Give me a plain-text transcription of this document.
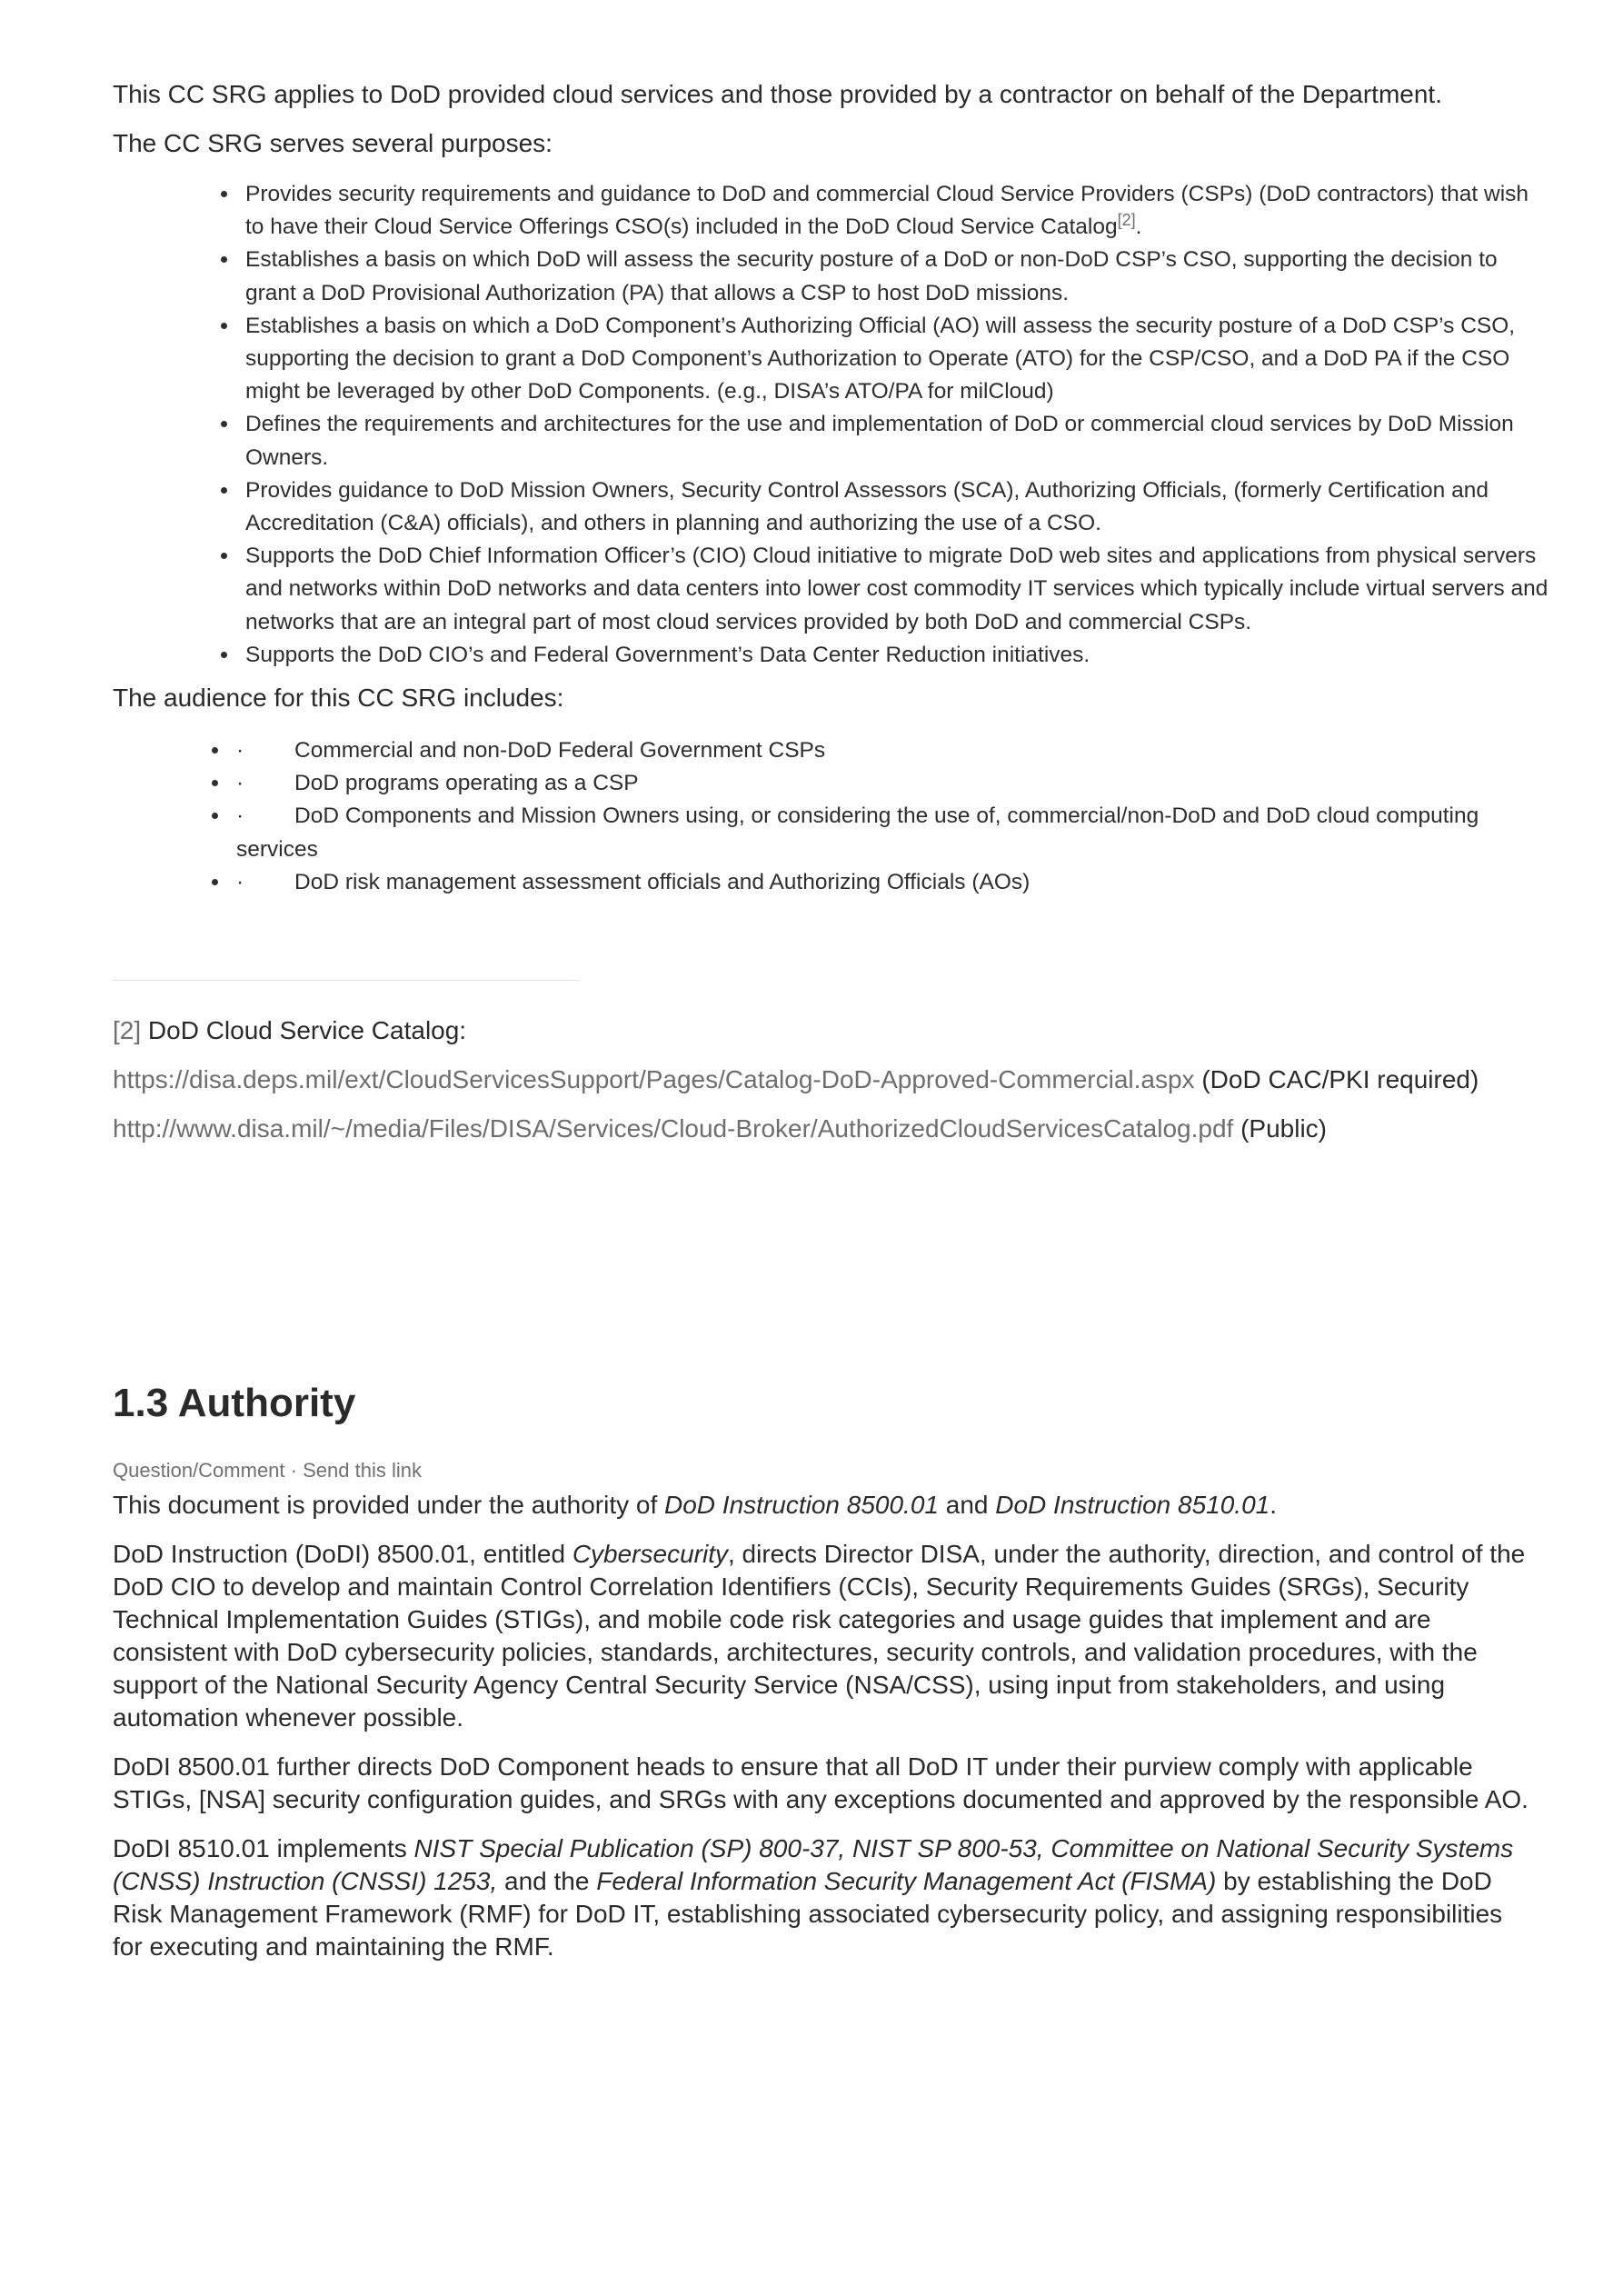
This CC SRG applies to DoD provided cloud services and those provided by a contractor on behalf of the Department.

The CC SRG serves several purposes:

• Provides security requirements and guidance to DoD and commercial Cloud Service Providers (CSPs) (DoD contractors) that wish to have their Cloud Service Offerings CSO(s) included in the DoD Cloud Service Catalog[2].
• Establishes a basis on which DoD will assess the security posture of a DoD or non-DoD CSP’s CSO, supporting the decision to grant a DoD Provisional Authorization (PA) that allows a CSP to host DoD missions.
• Establishes a basis on which a DoD Component’s Authorizing Official (AO) will assess the security posture of a DoD CSP’s CSO, supporting the decision to grant a DoD Component’s Authorization to Operate (ATO) for the CSP/CSO, and a DoD PA if the CSO might be leveraged by other DoD Components. (e.g., DISA’s ATO/PA for milCloud)
• Defines the requirements and architectures for the use and implementation of DoD or commercial cloud services by DoD Mission Owners.
• Provides guidance to DoD Mission Owners, Security Control Assessors (SCA), Authorizing Officials, (formerly Certification and Accreditation (C&A) officials), and others in planning and authorizing the use of a CSO.
• Supports the DoD Chief Information Officer’s (CIO) Cloud initiative to migrate DoD web sites and applications from physical servers and networks within DoD networks and data centers into lower cost commodity IT services which typically include virtual servers and networks that are an integral part of most cloud services provided by both DoD and commercial CSPs.
• Supports the DoD CIO’s and Federal Government’s Data Center Reduction initiatives.

The audience for this CC SRG includes:

• · Commercial and non-DoD Federal Government CSPs
• · DoD programs operating as a CSP
• · DoD Components and Mission Owners using, or considering the use of, commercial/non-DoD and DoD cloud computing services
• · DoD risk management assessment officials and Authorizing Officials (AOs)

[2] DoD Cloud Service Catalog:

https://disa.deps.mil/ext/CloudServicesSupport/Pages/Catalog-DoD-Approved-Commercial.aspx (DoD CAC/PKI required)

http://www.disa.mil/~/media/Files/DISA/Services/Cloud-Broker/AuthorizedCloudServicesCatalog.pdf (Public)

1.3 Authority
Question/Comment · Send this link

This document is provided under the authority of DoD Instruction 8500.01 and DoD Instruction 8510.01.

DoD Instruction (DoDI) 8500.01, entitled Cybersecurity, directs Director DISA, under the authority, direction, and control of the DoD CIO to develop and maintain Control Correlation Identifiers (CCIs), Security Requirements Guides (SRGs), Security Technical Implementation Guides (STIGs), and mobile code risk categories and usage guides that implement and are consistent with DoD cybersecurity policies, standards, architectures, security controls, and validation procedures, with the support of the National Security Agency Central Security Service (NSA/CSS), using input from stakeholders, and using automation whenever possible.

DoDI 8500.01 further directs DoD Component heads to ensure that all DoD IT under their purview comply with applicable STIGs, [NSA] security configuration guides, and SRGs with any exceptions documented and approved by the responsible AO.

DoDI 8510.01 implements NIST Special Publication (SP) 800-37, NIST SP 800-53, Committee on National Security Systems (CNSS) Instruction (CNSSI) 1253, and the Federal Information Security Management Act (FISMA) by establishing the DoD Risk Management Framework (RMF) for DoD IT, establishing associated cybersecurity policy, and assigning responsibilities for executing and maintaining the RMF.
